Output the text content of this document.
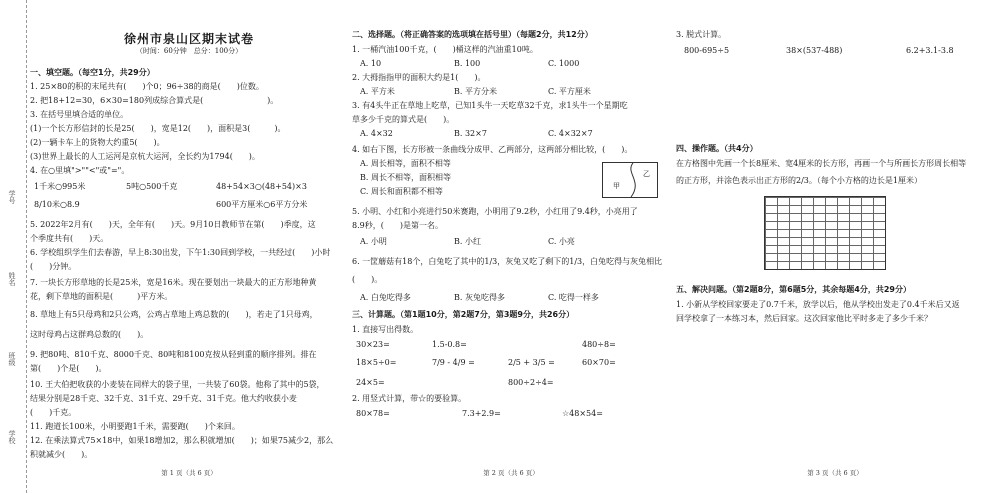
学号
姓名
班级
学校
徐州市泉山区期末试卷
（时间：60分钟　总分：100分）
一、填空题。（每空1分，共29分）
1. 25×80的积的末尾共有(　　)个0；96÷38的商是(　　)位数。
2. 把18+12=30，6×30=180列成综合算式是(　　　　　　　　)。
3. 在括号里填合适的单位。
(1)一个长方形信封的长是25(　　)，宽是12(　　)，面积是3(　　　)。
(2)一辆卡车上的货物大约重5(　　)。
(3)世界上最长的人工运河是京杭大运河，全长约为1794(　　)。
4. 在○里填">""<"或"="。
1千米○995米	5吨○500千克	48+54×3○(48+54)×3
8/10米○8.9	600平方厘米○6平方分米
5. 2022年2月有(　　)天，全年有(　　)天。9月10日教师节在第(　　)季度，这
个季度共有(　　)天。
6. 学校组织学生们去春游，早上8:30出发，下午1:30回到学校，一共经过(　　)小时
(　　)分钟。
7. 一块长方形草地的长是25米，宽是16米。现在要划出一块最大的正方形地种黄
花，剩下草地的面积是(　　　)平方米。
8. 草地上有5只母鸡和2只公鸡，公鸡占草地上鸡总数的(　　)，若走了1只母鸡，
这时母鸡占这群鸡总数的(　　)。
9. 把80吨、810千克、8000千克、80吨和8100克按从轻到重的顺序排列。排在
第(　　)个是(　　)。
10. 王大伯把收获的小麦装在同样大的袋子里，一共装了60袋。他称了其中的5袋，
结果分别是28千克、32千克、31千克、29千克、31千克。他大约收获小麦
(　　)千克。
11. 跑道长100米，小明要跑1千米，需要跑(　　)个来回。
12. 在乘法算式75×18中，如果18增加2，那么积就增加(　　)；如果75减少2，那么
积就减少(　　)。
第 1 页（共 6 页）
二、选择题。（将正确答案的选项填在括号里）（每题2分，共12分）
1. 一桶汽油100千克，(　　)桶这样的汽油重10吨。
A. 10	B. 100	C. 1000
2. 大拇指指甲的面积大约是1(　　)。
A. 平方米	B. 平方分米	C. 平方厘米
3. 有4头牛正在草地上吃草，已知1头牛一天吃草32千克，求1头牛一个星期吃
草多少千克的算式是(　　)。
A. 4×32	B. 32×7	C. 4×32×7
4. 如右下图，长方形被一条曲线分成甲、乙两部分，这两部分相比较，(　　)。
A. 周长相等，面积不相等
B. 周长不相等，面积相等
C. 周长和面积都不相等
甲
乙
5. 小明、小红和小亮进行50米赛跑，小明用了9.2秒，小红用了9.4秒，小亮用了
8.9秒，(　　)是第一名。
A. 小明	B. 小红	C. 小亮
6. 一筐蘑菇有18个，白兔吃了其中的1/3，灰兔又吃了剩下的1/3，白兔吃得与灰兔相比
(　　)。
A. 白兔吃得多	B. 灰兔吃得多	C. 吃得一样多
三、计算题。（第1题10分，第2题7分，第3题9分，共26分）
1. 直接写出得数。
30×23=	1.5-0.8=	480÷8=
18×5÷0=	7/9 - 4/9 =	2/5 + 3/5 =	60×70=
24×5=	800÷2÷4=
2. 用竖式计算，带☆的要验算。
80×78=	7.3+2.9=	☆48×54=
第 2 页（共 6 页）
3. 脱式计算。
800-695÷5	38×(537-488)	6.2+3.1-3.8
四、操作题。（共4分）
在方格图中先画一个长8厘米、宽4厘米的长方形，再画一个与所画长方形周长相等
的正方形，并涂色表示出正方形的2/3。（每个小方格的边长是1厘米）
五、解决问题。（第2题8分，第6题5分，其余每题4分，共29分）
1. 小新从学校回家要走了0.7千米，放学以后，他从学校出发走了0.4千米后又返
回学校拿了一本练习本，然后回家。这次回家他比平时多走了多少千米？
第 3 页（共 6 页）
